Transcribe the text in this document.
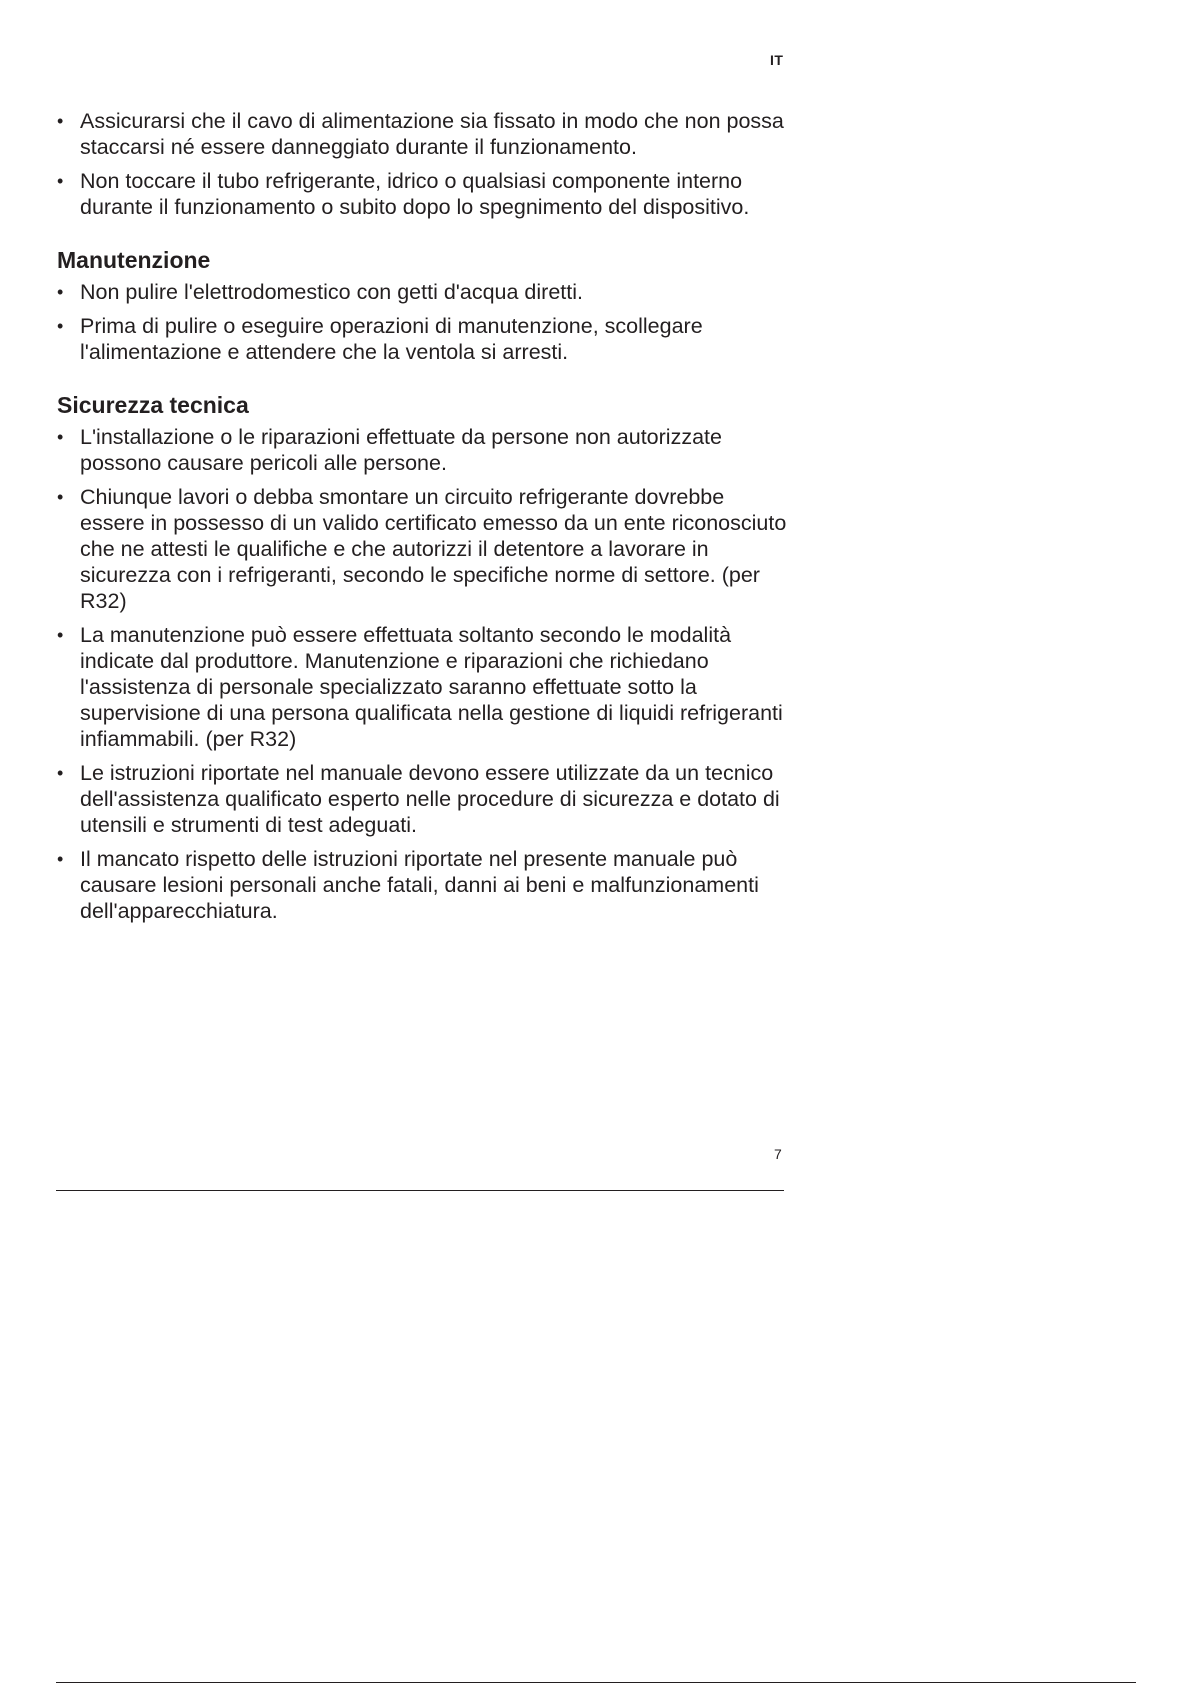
IT
• Assicurarsi che il cavo di alimentazione sia fissato in modo che non possa staccarsi né essere danneggiato durante il funzionamento.
• Non toccare il tubo refrigerante, idrico o qualsiasi componente interno durante il funzionamento o subito dopo lo spegnimento del dispositivo.
Manutenzione
• Non pulire l'elettrodomestico con getti d'acqua diretti.
• Prima di pulire o eseguire operazioni di manutenzione, scollegare l'alimentazione e attendere che la ventola si arresti.
Sicurezza tecnica
• L'installazione o le riparazioni effettuate da persone non autorizzate possono causare pericoli alle persone.
• Chiunque lavori o debba smontare un circuito refrigerante dovrebbe essere in possesso di un valido certificato emesso da un ente riconosciuto che ne attesti le qualifiche e che autorizzi il detentore a lavorare in sicurezza con i refrigeranti, secondo le specifiche norme di settore. (per R32)
• La manutenzione può essere effettuata soltanto secondo le modalità indicate dal produttore. Manutenzione e riparazioni che richiedano l'assistenza di personale specializzato saranno effettuate sotto la supervisione di una persona qualificata nella gestione di liquidi refrigeranti infiammabili. (per R32)
• Le istruzioni riportate nel manuale devono essere utilizzate da un tecnico dell'assistenza qualificato esperto nelle procedure di sicurezza e dotato di utensili e strumenti di test adeguati.
• Il mancato rispetto delle istruzioni riportate nel presente manuale può causare lesioni personali anche fatali, danni ai beni e malfunzionamenti dell'apparecchiatura.
7
